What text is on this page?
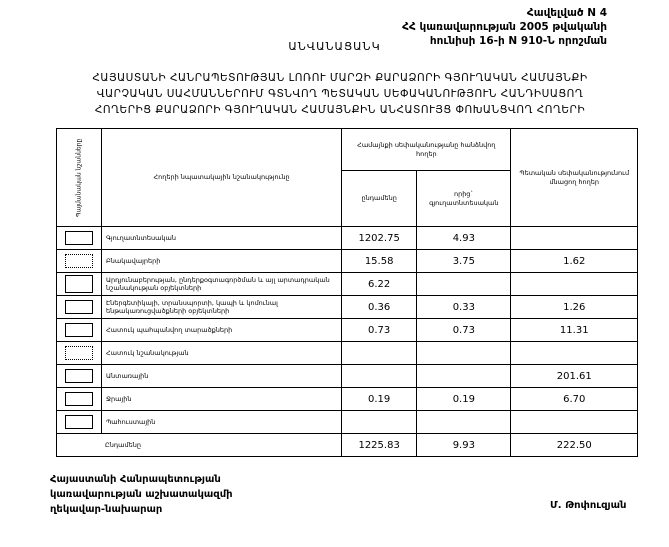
Հավելված N 4
ՀՀ կառավարության 2005 թվականի
հունիսի 16-ի N 910-Ն որոշման
ԱՆՎԱՆԱՑԱՆԿ
ՀԱՅԱՍՏԱՆԻ ՀԱՆՐԱՊԵՏՈՒԹՅԱՆ ԼՈՌՈՒ ՄԱՐԶԻ ՔԱՐԱՁՈՐԻ ԳՅՈՒՂԱԿԱՆ ՀԱՄԱՅՆՔԻ
ՎԱՐՉԱԿԱՆ ՍԱՀՄԱՆՆԵՐՈՒՄ ԳՏՆՎՈՂ ՊԵՏԱԿԱՆ ՍԵՓԱԿԱՆՈՒԹՅՈՒՆ ՀԱՆԴԻՍԱՑՈՂ
ՀՈՂԵՐԻՑ ՔԱՐԱՁՈՐԻ ԳՅՈՒՂԱԿԱՆ ՀԱՄԱՅՆՔԻՆ ԱՆՀԱՏՈՒՅՑ ՓՈԽԱՆՑՎՈՂ ՀՈՂԵՐԻ
Պայմանական նշանները	Հողերի նպատակային նշանակությունը	Համայնքի սեփականությանը հանձնվող հողեր		Պետական սեփականությունում մնացող հողեր
		ընդամենը	որից` գյուղատնտեսական	
	Գյուղատնտեսական	1202.75	4.93	
	Բնակավայրերի	15.58	3.75	1.62
	Արդյունաբերության, ընդերքօգտագործման և այլ արտադրական նշանակության օբյեկտների	6.22		
	Էներգետիկայի, տրանսպորտի, կապի և կոմունալ ենթակառուցվածքների օբյեկտների	0.36	0.33	1.26
	Հատուկ պահպանվող տարածքների	0.73	0.73	11.31
	Հատուկ նշանակության			
	Անտառային			201.61
	Ջրային	0.19	0.19	6.70
	Պահուստային			
Ընդամենը		1225.83	9.93	222.50
Հայաստանի Հանրապետության
կառավարության աշխատակազմի
ղեկավար-նախարար	Մ. Թոփուզյան
